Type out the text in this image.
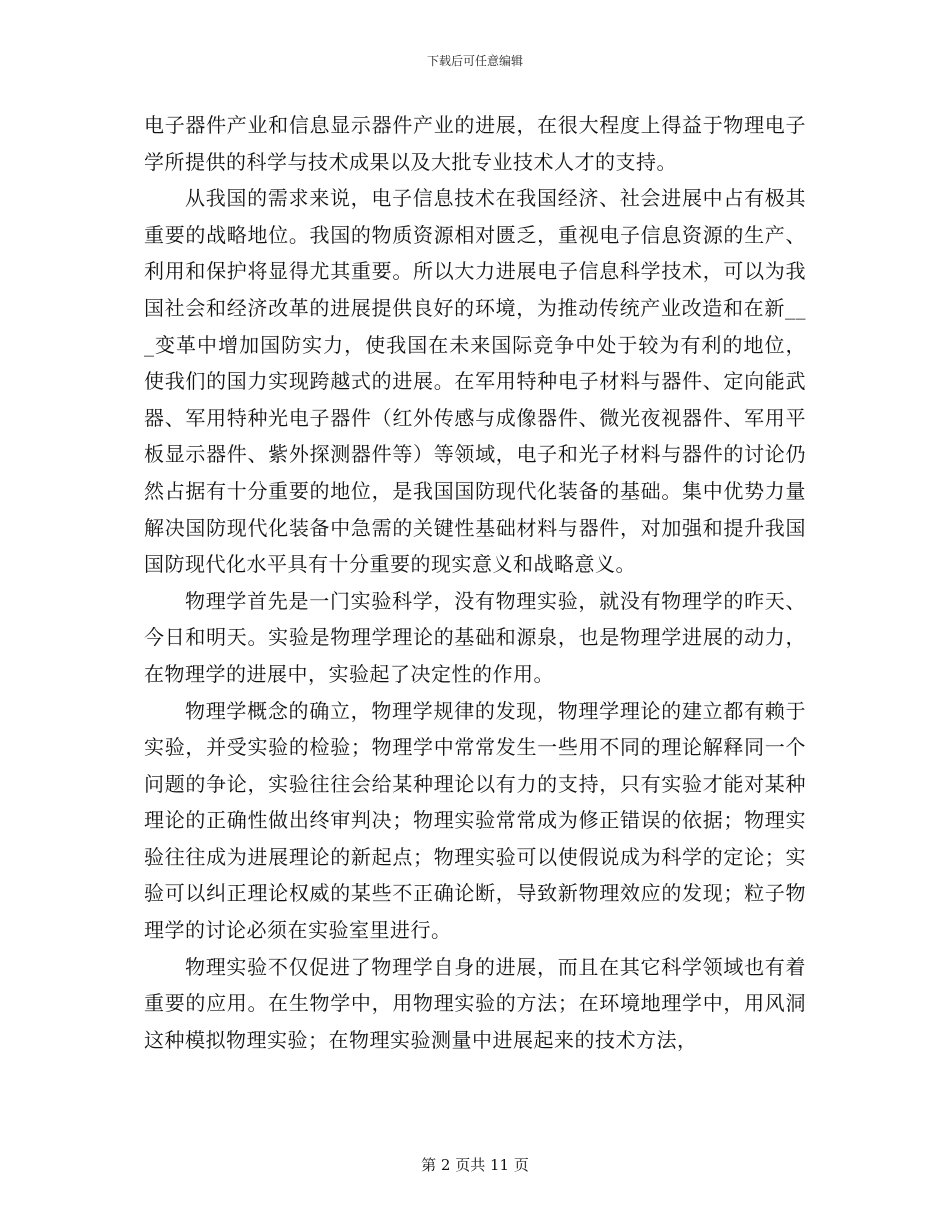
下载后可任意编辑

电子器件产业和信息显示器件产业的进展，在很大程度上得益于物理电子学所提供的科学与技术成果以及大批专业技术人才的支持。

从我国的需求来说，电子信息技术在我国经济、社会进展中占有极其重要的战略地位。我国的物质资源相对匮乏，重视电子信息资源的生产、利用和保护将显得尤其重要。所以大力进展电子信息科学技术，可以为我国社会和经济改革的进展提供良好的环境，为推动传统产业改造和在新___变革中增加国防实力，使我国在未来国际竞争中处于较为有利的地位，使我们的国力实现跨越式的进展。在军用特种电子材料与器件、定向能武器、军用特种光电子器件（红外传感与成像器件、微光夜视器件、军用平板显示器件、紫外探测器件等）等领域，电子和光子材料与器件的讨论仍然占据有十分重要的地位，是我国国防现代化装备的基础。集中优势力量解决国防现代化装备中急需的关键性基础材料与器件，对加强和提升我国国防现代化水平具有十分重要的现实意义和战略意义。

物理学首先是一门实验科学，没有物理实验，就没有物理学的昨天、今日和明天。实验是物理学理论的基础和源泉，也是物理学进展的动力，在物理学的进展中，实验起了决定性的作用。

物理学概念的确立，物理学规律的发现，物理学理论的建立都有赖于实验，并受实验的检验；物理学中常常发生一些用不同的理论解释同一个问题的争论，实验往往会给某种理论以有力的支持，只有实验才能对某种理论的正确性做出终审判决；物理实验常常成为修正错误的依据；物理实验往往成为进展理论的新起点；物理实验可以使假说成为科学的定论；实验可以纠正理论权威的某些不正确论断，导致新物理效应的发现；粒子物理学的讨论必须在实验室里进行。

物理实验不仅促进了物理学自身的进展，而且在其它科学领域也有着重要的应用。在生物学中，用物理实验的方法；在环境地理学中，用风洞这种模拟物理实验；在物理实验测量中进展起来的技术方法，

第 2 页共 11 页
